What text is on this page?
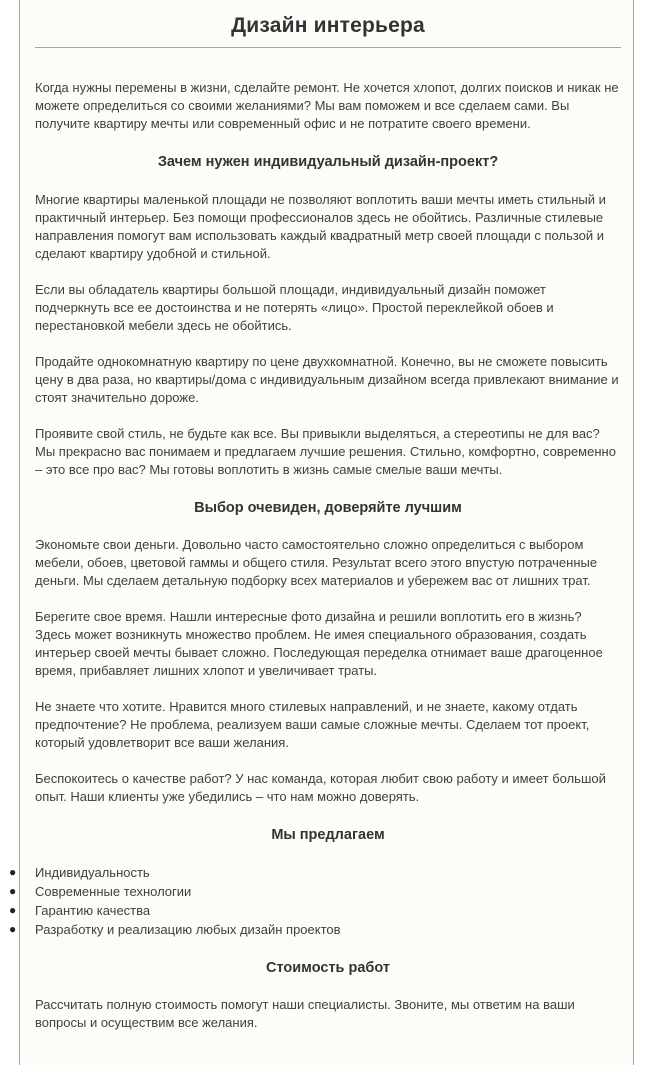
Дизайн интерьера

Когда нужны перемены в жизни, сделайте ремонт. Не хочется хлопот, долгих поисков и никак не можете определиться со своими желаниями? Мы вам поможем и все сделаем сами. Вы получите квартиру мечты или современный офис и не потратите своего времени.

Зачем нужен индивидуальный дизайн-проект?

Многие квартиры маленькой площади не позволяют воплотить ваши мечты иметь стильный и практичный интерьер. Без помощи профессионалов здесь не обойтись. Различные стилевые направления помогут вам использовать каждый квадратный метр своей площади с пользой и сделают квартиру удобной и стильной.

Если вы обладатель квартиры большой площади, индивидуальный дизайн поможет подчеркнуть все ее достоинства и не потерять «лицо». Простой переклейкой обоев и перестановкой мебели здесь не обойтись.

Продайте однокомнатную квартиру по цене двухкомнатной. Конечно, вы не сможете повысить цену в два раза, но квартиры/дома с индивидуальным дизайном всегда привлекают внимание и стоят значительно дороже.

Проявите свой стиль, не будьте как все. Вы привыкли выделяться, а стереотипы не для вас? Мы прекрасно вас понимаем и предлагаем лучшие решения. Стильно, комфортно, современно – это все про вас? Мы готовы воплотить в жизнь самые смелые ваши мечты.

Выбор очевиден, доверяйте лучшим

Экономьте свои деньги. Довольно часто самостоятельно сложно определиться с выбором мебели, обоев, цветовой гаммы и общего стиля. Результат всего этого впустую потраченные деньги. Мы сделаем детальную подборку всех материалов и убережем вас от лишних трат.

Берегите свое время. Нашли интересные фото дизайна и решили воплотить его в жизнь? Здесь может возникнуть множество проблем. Не имея специального образования, создать интерьер своей мечты бывает сложно. Последующая переделка отнимает ваше драгоценное время, прибавляет лишних хлопот и увеличивает траты.

Не знаете что хотите. Нравится много стилевых направлений, и не знаете, какому отдать предпочтение? Не проблема, реализуем ваши самые сложные мечты. Сделаем тот проект, который удовлетворит все ваши желания.

Беспокоитесь о качестве работ? У нас команда, которая любит свою работу и имеет большой опыт. Наши клиенты уже убедились – что нам можно доверять.

Мы предлагаем
● Индивидуальность
● Современные технологии
● Гарантию качества
● Разработку и реализацию любых дизайн проектов
Стоимость работ

Рассчитать полную стоимость помогут наши специалисты. Звоните, мы ответим на ваши вопросы и осуществим все желания.
